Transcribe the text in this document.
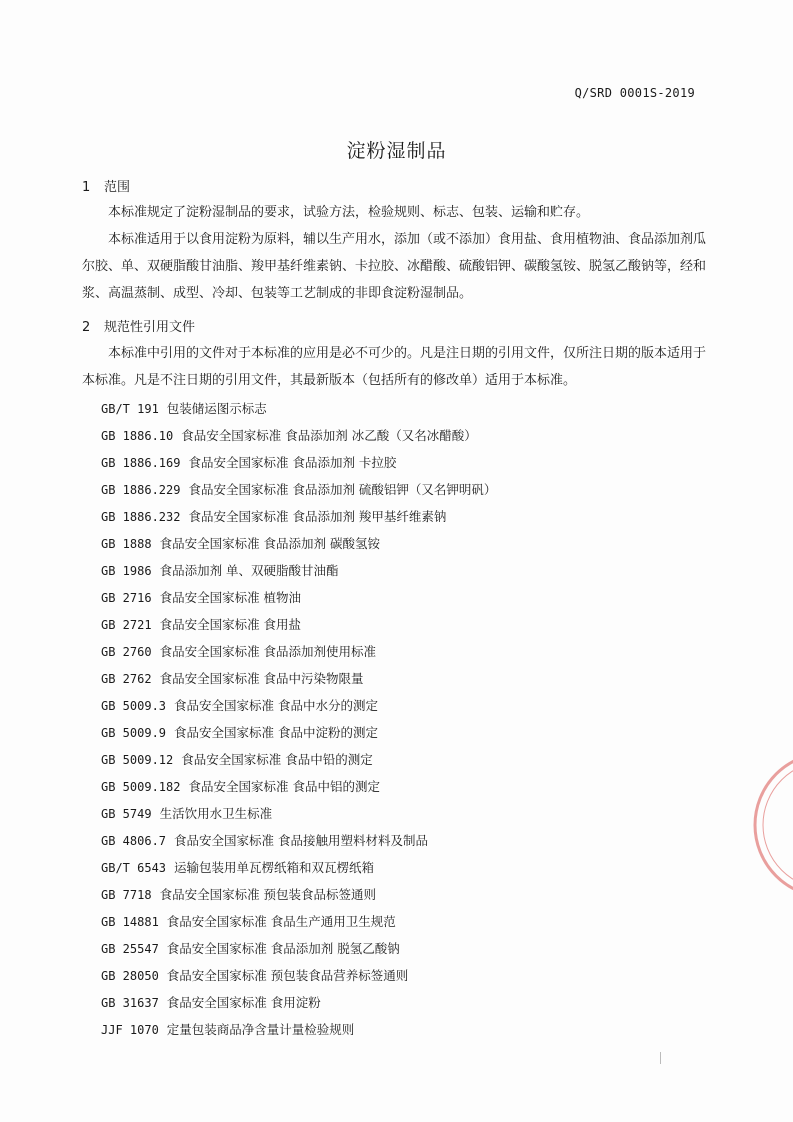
Q/SRD 0001S-2019
淀粉湿制品
1 范围
本标准规定了淀粉湿制品的要求，试验方法，检验规则、标志、包装、运输和贮存。
本标准适用于以食用淀粉为原料，辅以生产用水，添加（或不添加）食用盐、食用植物油、食品添加剂瓜尔胶、单、双硬脂酸甘油脂、羧甲基纤维素钠、卡拉胶、冰醋酸、硫酸铝钾、碳酸氢铵、脱氢乙酸钠等，经和浆、高温蒸制、成型、冷却、包装等工艺制成的非即食淀粉湿制品。
2 规范性引用文件
本标准中引用的文件对于本标准的应用是必不可少的。凡是注日期的引用文件，仅所注日期的版本适用于本标准。凡是不注日期的引用文件，其最新版本（包括所有的修改单）适用于本标准。
GB/T 191 包装储运图示标志
GB 1886.10 食品安全国家标准 食品添加剂 冰乙酸（又名冰醋酸）
GB 1886.169 食品安全国家标准 食品添加剂 卡拉胶
GB 1886.229 食品安全国家标准 食品添加剂 硫酸铝钾（又名钾明矾）
GB 1886.232 食品安全国家标准 食品添加剂 羧甲基纤维素钠
GB 1888 食品安全国家标准 食品添加剂 碳酸氢铵
GB 1986 食品添加剂 单、双硬脂酸甘油酯
GB 2716 食品安全国家标准 植物油
GB 2721 食品安全国家标准 食用盐
GB 2760 食品安全国家标准 食品添加剂使用标准
GB 2762 食品安全国家标准 食品中污染物限量
GB 5009.3 食品安全国家标准 食品中水分的测定
GB 5009.9 食品安全国家标准 食品中淀粉的测定
GB 5009.12 食品安全国家标准 食品中铅的测定
GB 5009.182 食品安全国家标准 食品中铝的测定
GB 5749 生活饮用水卫生标准
GB 4806.7 食品安全国家标准 食品接触用塑料材料及制品
GB/T 6543 运输包装用单瓦楞纸箱和双瓦楞纸箱
GB 7718 食品安全国家标准 预包装食品标签通则
GB 14881 食品安全国家标准 食品生产通用卫生规范
GB 25547 食品安全国家标准 食品添加剂 脱氢乙酸钠
GB 28050 食品安全国家标准 预包装食品营养标签通则
GB 31637 食品安全国家标准 食用淀粉
JJF 1070 定量包装商品净含量计量检验规则
